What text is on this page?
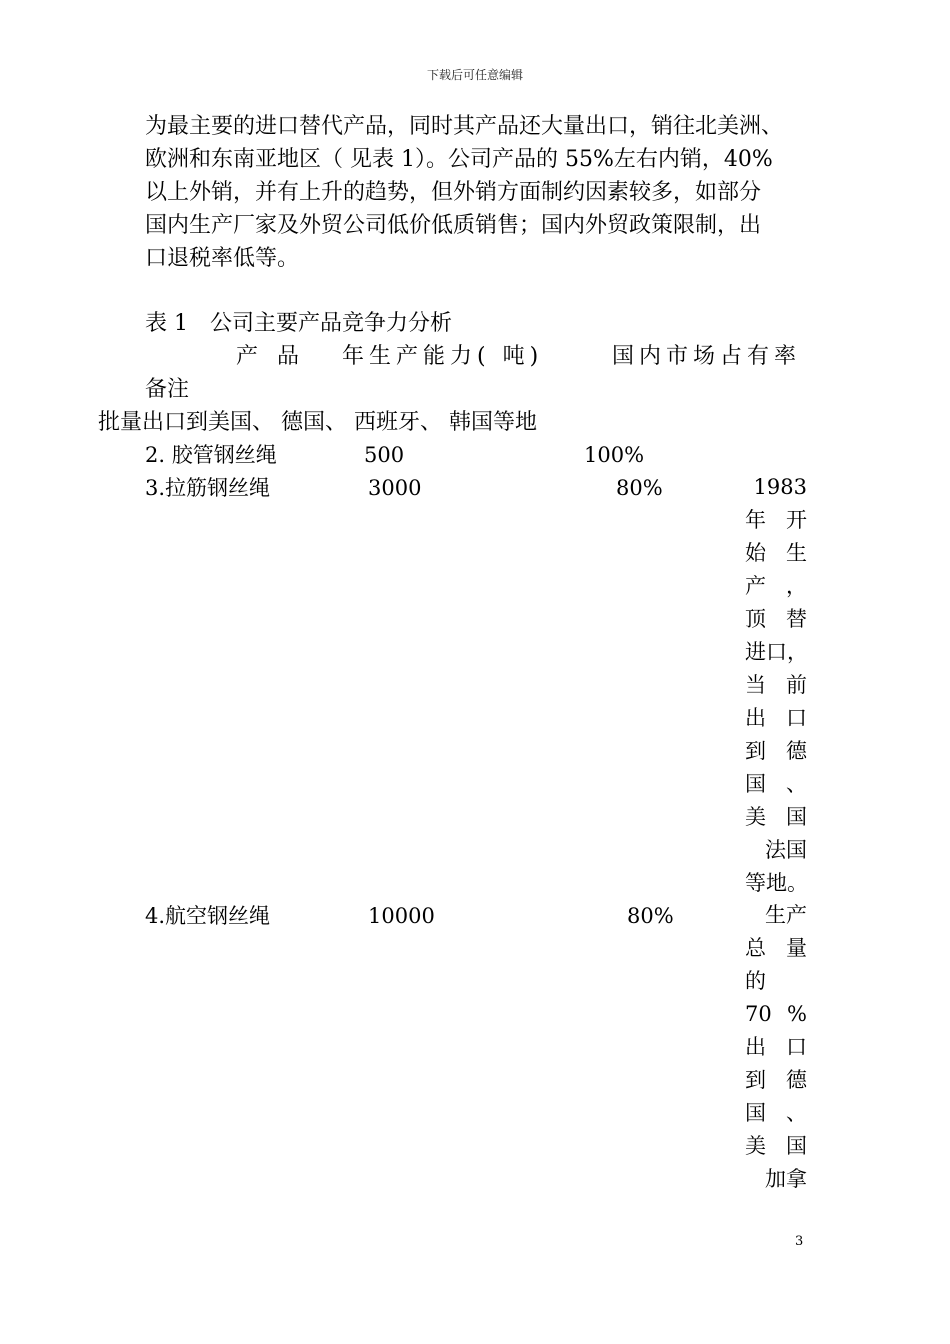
下载后可任意编辑
为最主要的进口替代产品，同时其产品还大量出口，销往北美洲、
欧洲和东南亚地区（ 见表 1）。公司产品的 55%左右内销，40%
以上外销，并有上升的趋势，但外销方面制约因素较多，如部分
国内生产厂家及外贸公司低价低质销售；国内外贸政策限制，出
口退税率低等。
表 1　公司主要产品竞争力分析
产 品 年生产能力( 吨)	国内市场占有率
备注
批量出口到美国、 德国、 西班牙、 韩国等地
2. 胶管钢丝绳	500	100%
3.拉筋钢丝绳	3000	80%	1983
年 开
始 生
产 ，
顶 替
进口，
当 前
出 口
到 德
国 、
美 国
法国
等地。
4.航空钢丝绳	10000	80%	生产
总 量
的
70 %
出 口
到 德
国 、
美 国
加拿
3
